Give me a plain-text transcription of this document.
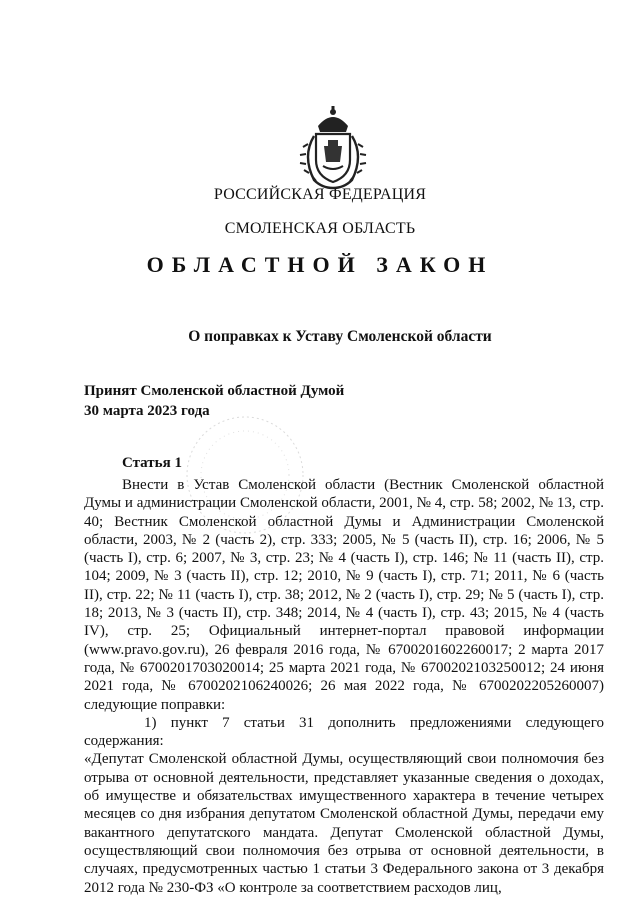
РОССИЙСКАЯ ФЕДЕРАЦИЯ
СМОЛЕНСКАЯ ОБЛАСТЬ
ОБЛАСТНОЙ ЗАКОН
О поправках к Уставу Смоленской области
Принят Смоленской областной Думой
30 марта 2023 года
Статья 1

Внести в Устав Смоленской области (Вестник Смоленской областной Думы и администрации Смоленской области, 2001, № 4, стр. 58; 2002, № 13, стр. 40; Вестник Смоленской областной Думы и Администрации Смоленской области, 2003, № 2 (часть 2), стр. 333; 2005, № 5 (часть II), стр. 16; 2006, № 5 (часть I), стр. 6; 2007, № 3, стр. 23; № 4 (часть I), стр. 146; № 11 (часть II), стр. 104; 2009, № 3 (часть II), стр. 12; 2010, № 9 (часть I), стр. 71; 2011, № 6 (часть II), стр. 22; № 11 (часть I), стр. 38; 2012, № 2 (часть I), стр. 29; № 5 (часть I), стр. 18; 2013, № 3 (часть II), стр. 348; 2014, № 4 (часть I), стр. 43; 2015, № 4 (часть IV), стр. 25; Официальный интернет-портал правовой информации (www.pravo.gov.ru), 26 февраля 2016 года, № 6700201602260017; 2 марта 2017 года, № 6700201703020014; 25 марта 2021 года, № 6700202103250012; 24 июня 2021 года, № 6700202106240026; 26 мая 2022 года, № 6700202205260007) следующие поправки:

1) пункт 7 статьи 31 дополнить предложениями следующего содержания:

«Депутат Смоленской областной Думы, осуществляющий свои полномочия без отрыва от основной деятельности, представляет указанные сведения о доходах, об имуществе и обязательствах имущественного характера в течение четырех месяцев со дня избрания депутатом Смоленской областной Думы, передачи ему вакантного депутатского мандата. Депутат Смоленской областной Думы, осуществляющий свои полномочия без отрыва от основной деятельности, в случаях, предусмотренных частью 1 статьи 3 Федерального закона от 3 декабря 2012 года № 230-ФЗ «О контроле за соответствием расходов лиц,
